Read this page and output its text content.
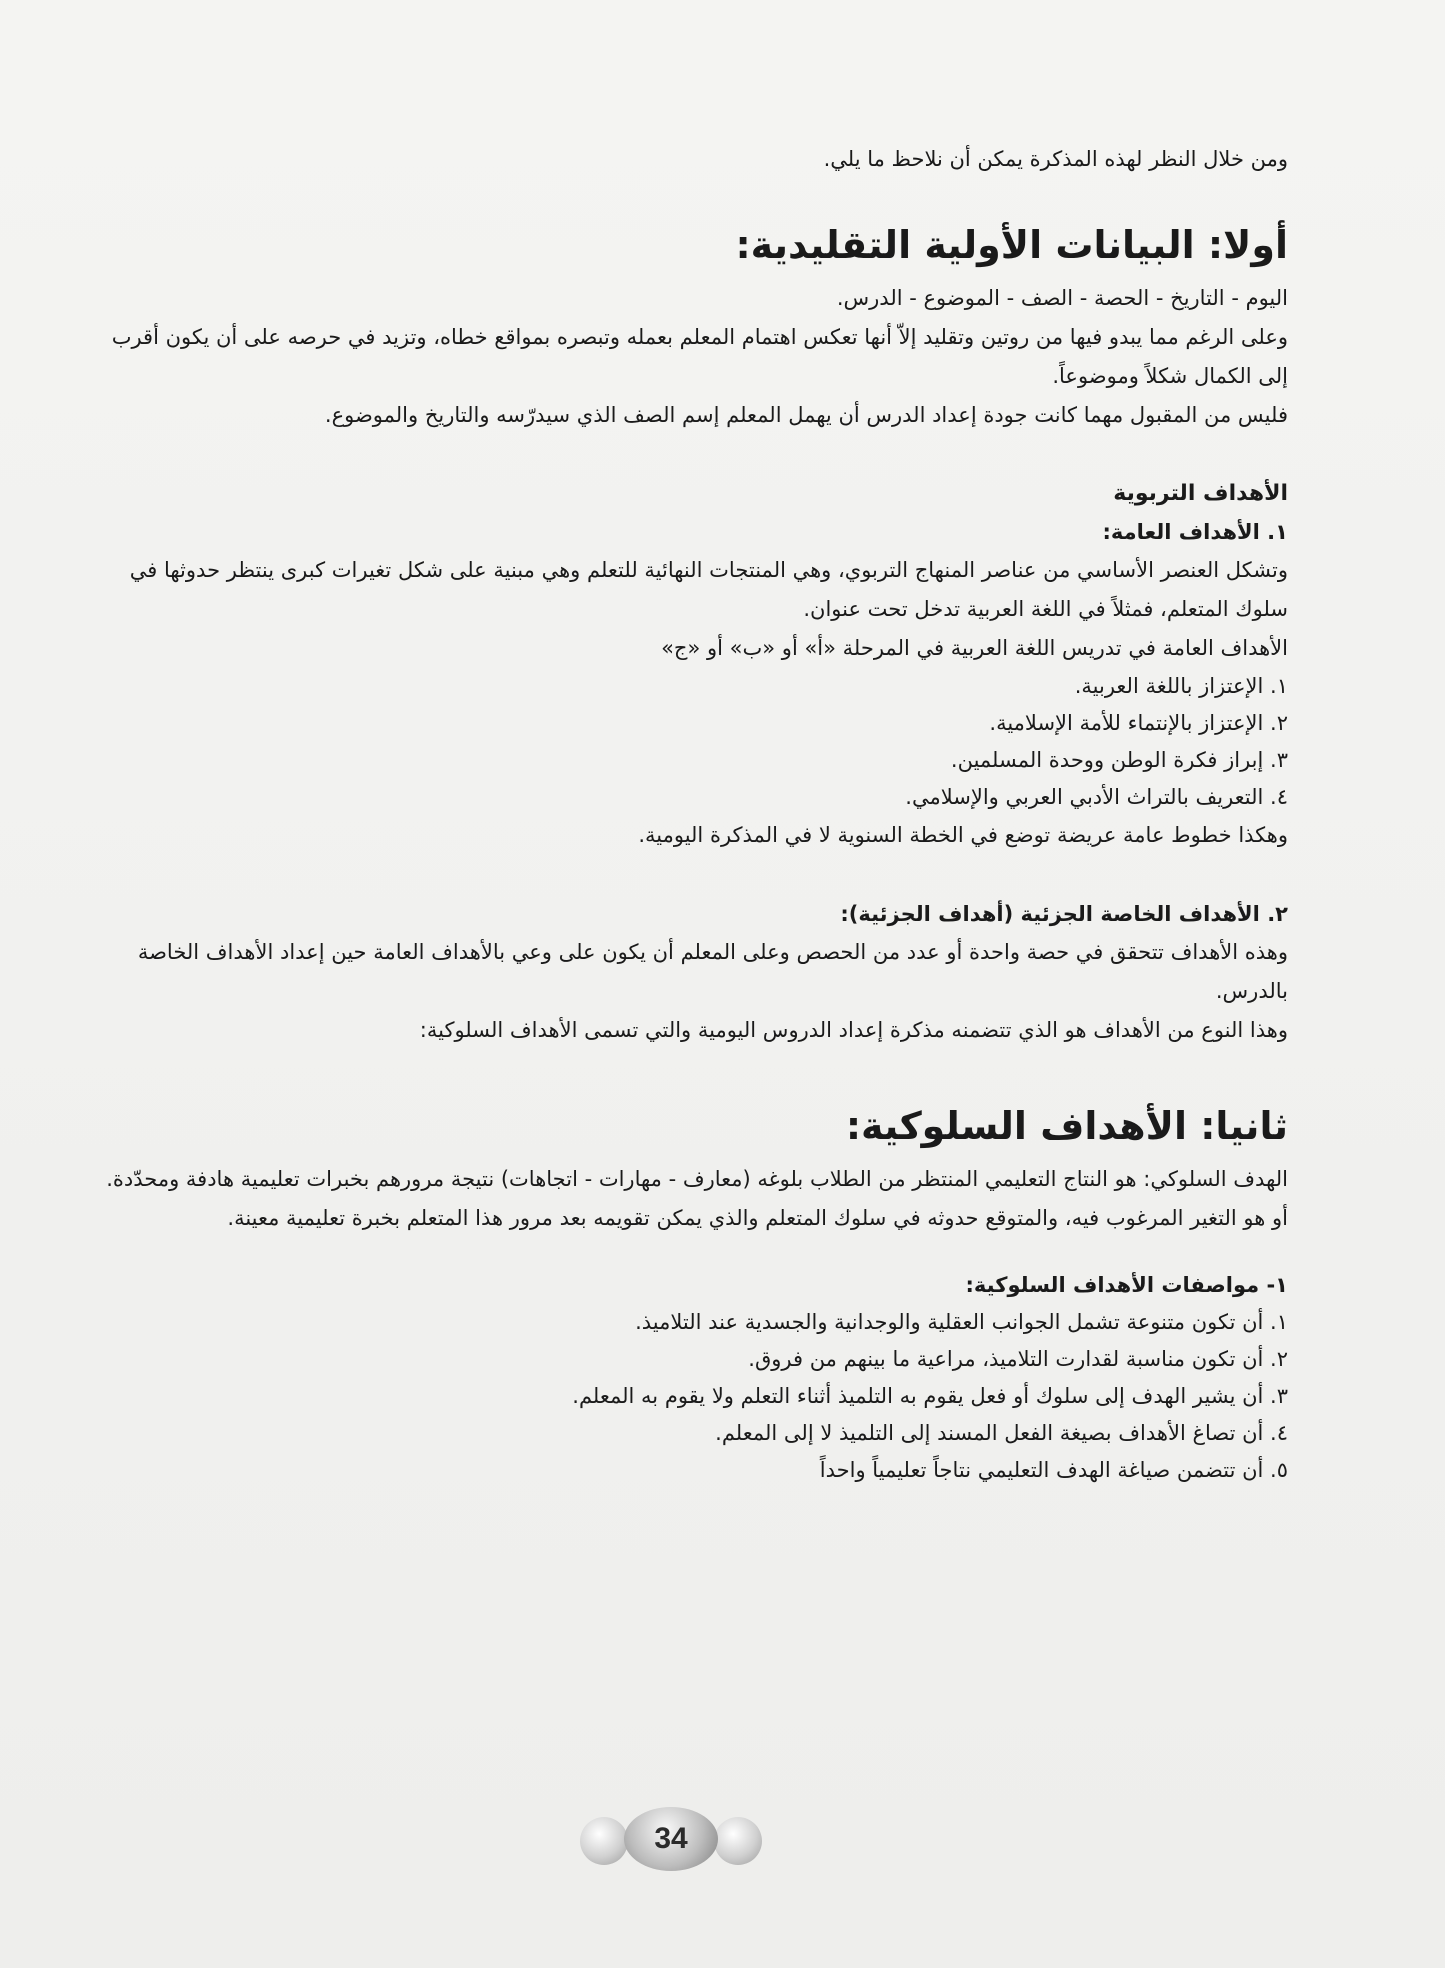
ومن خلال النظر لهذه المذكرة يمكن أن نلاحظ ما يلي.

أولا: البيانات الأولية التقليدية:

اليوم - التاريخ - الحصة - الصف - الموضوع - الدرس.

وعلى الرغم مما يبدو فيها من روتين وتقليد إلاّ أنها تعكس اهتمام المعلم بعمله وتبصره بمواقع خطاه، وتزيد في حرصه على أن يكون أقرب إلى الكمال شكلاً وموضوعاً.

فليس من المقبول مهما كانت جودة إعداد الدرس أن يهمل المعلم إسم الصف الذي سيدرّسه والتاريخ والموضوع.

الأهداف التربوية
١. الأهداف العامة:

وتشكل العنصر الأساسي من عناصر المنهاج التربوي، وهي المنتجات النهائية للتعلم وهي مبنية على شكل تغيرات كبرى ينتظر حدوثها في سلوك المتعلم، فمثلاً في اللغة العربية تدخل تحت عنوان.

الأهداف العامة في تدريس اللغة العربية في المرحلة «أ» أو «ب» أو «ج»

١. الإعتزاز باللغة العربية.
٢. الإعتزاز بالإنتماء للأمة الإسلامية.
٣. إبراز فكرة الوطن ووحدة المسلمين.
٤. التعريف بالتراث الأدبي العربي والإسلامي.

وهكذا خطوط عامة عريضة توضع في الخطة السنوية لا في المذكرة اليومية.

٢. الأهداف الخاصة الجزئية (أهداف الجزئية):

وهذه الأهداف تتحقق في حصة واحدة أو عدد من الحصص وعلى المعلم أن يكون على وعي بالأهداف العامة حين إعداد الأهداف الخاصة بالدرس.

وهذا النوع من الأهداف هو الذي تتضمنه مذكرة إعداد الدروس اليومية والتي تسمى الأهداف السلوكية:

ثانيا: الأهداف السلوكية:

الهدف السلوكي: هو النتاج التعليمي المنتظر من الطلاب بلوغه (معارف - مهارات - اتجاهات) نتيجة مرورهم بخبرات تعليمية هادفة ومحدّدة.

أو هو التغير المرغوب فيه، والمتوقع حدوثه في سلوك المتعلم والذي يمكن تقويمه بعد مرور هذا المتعلم بخبرة تعليمية معينة.

١- مواصفات الأهداف السلوكية:
١. أن تكون متنوعة تشمل الجوانب العقلية والوجدانية والجسدية عند التلاميذ.
٢. أن تكون مناسبة لقدارت التلاميذ، مراعية ما بينهم من فروق.
٣. أن يشير الهدف إلى سلوك أو فعل يقوم به التلميذ أثناء التعلم ولا يقوم به المعلم.
٤. أن تصاغ الأهداف بصيغة الفعل المسند إلى التلميذ لا إلى المعلم.
٥. أن تتضمن صياغة الهدف التعليمي نتاجاً تعليمياً واحداً
34
